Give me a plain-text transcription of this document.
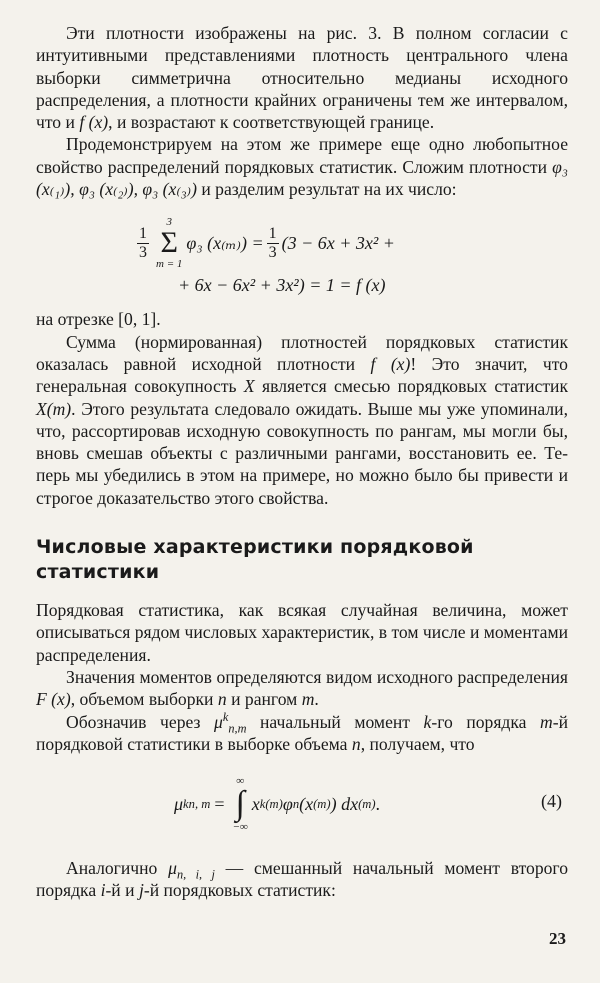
Эти плотности изображены на рис. 3. В полном согласии с интуитивными представлениями плотность центрального члена выборки симметрична относительно медианы исходного распределения, а плотности крайних ограничены тем же интервалом, что и f (x), и возрастают к соответствующей границе.

Продемонстрируем на этом же примере еще одно любопытное свойство распределений порядковых статистик. Сложим плотности φ₃ (x₍₁₎), φ₃ (x₍₂₎), φ₃ (x₍₃₎) и разделим результат на их число:

$\frac{1}{3}$
3
Σ
m = 1
φ₃ $(x_{(m)}) = \frac{1}{3} (3 - 6x + 3x^2$ +
+ 6x − 6x² + 3x²) = 1 = f (x)

на отрезке [0, 1].

Сумма (нормированная) плотностей порядковых статистик оказалась равной исходной плотности f (x)! Это значит, что генеральная совокупность X является смесью порядковых статистик X(m). Этого результата следовало ожидать. Выше мы уже упоминали, что, рассортировав исходную совокупность по рангам, мы могли бы, вновь смешав объекты с различными рангами, восстановить ее. Теперь мы убедились в этом на примере, но можно было бы привести и строгое доказательство этого свойства.

Числовые характеристики порядковой
статистики

Порядковая статистика, как всякая случайная величина, может описываться рядом числовых характеристик, в том числе и моментами распределения.

Значения моментов определяются видом исходного распределения F (x), объемом выборки n и рангом m.

Обозначив через $\mu^k_{n,m}$ начальный момент k-го порядка m-й порядковой статистики в выборке объема n, получаем, что

μ k n, m =
∞
∫
−∞
x k (m) φ n (x (m) ) dx (m) .	(4)

Аналогично $\mu_{n, i, j}$ — смешанный начальный момент второго порядка i-й и j-й порядковых статистик:

23
